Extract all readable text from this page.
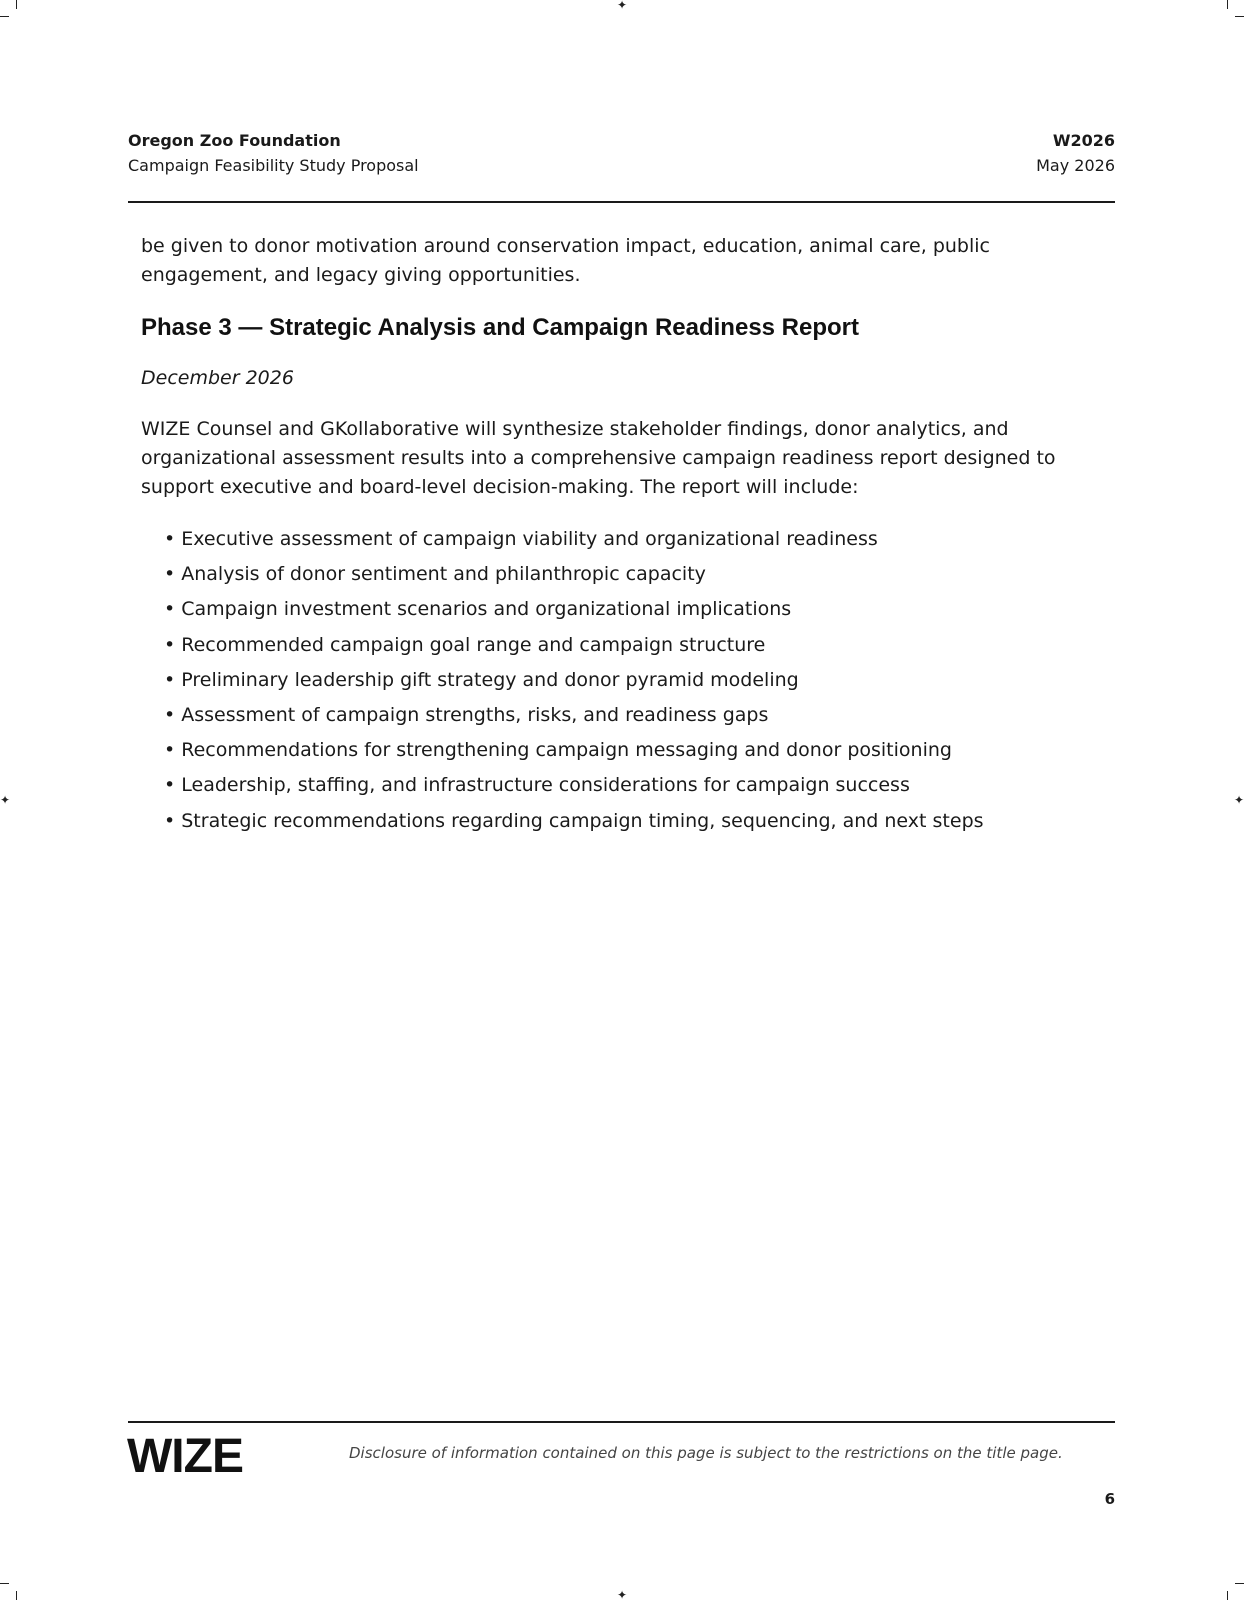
✦
✦
✦	✦
Oregon Zoo Foundation
Campaign Feasibility Study Proposal
W2026
May 2026

be given to donor motivation around conservation impact, education, animal care, public engagement, and legacy giving opportunities.

Phase 3 — Strategic Analysis and Campaign Readiness Report

December 2026

WIZE Counsel and GKollaborative will synthesize stakeholder findings, donor analytics, and organizational assessment results into a comprehensive campaign readiness report designed to support executive and board-level decision-making. The report will include:

• Executive assessment of campaign viability and organizational readiness
• Analysis of donor sentiment and philanthropic capacity
• Campaign investment scenarios and organizational implications
• Recommended campaign goal range and campaign structure
• Preliminary leadership gift strategy and donor pyramid modeling
• Assessment of campaign strengths, risks, and readiness gaps
• Recommendations for strengthening campaign messaging and donor positioning
• Leadership, staffing, and infrastructure considerations for campaign success
• Strategic recommendations regarding campaign timing, sequencing, and next steps
WIZE	Disclosure of information contained on this page is subject to the restrictions on the title page.
6
